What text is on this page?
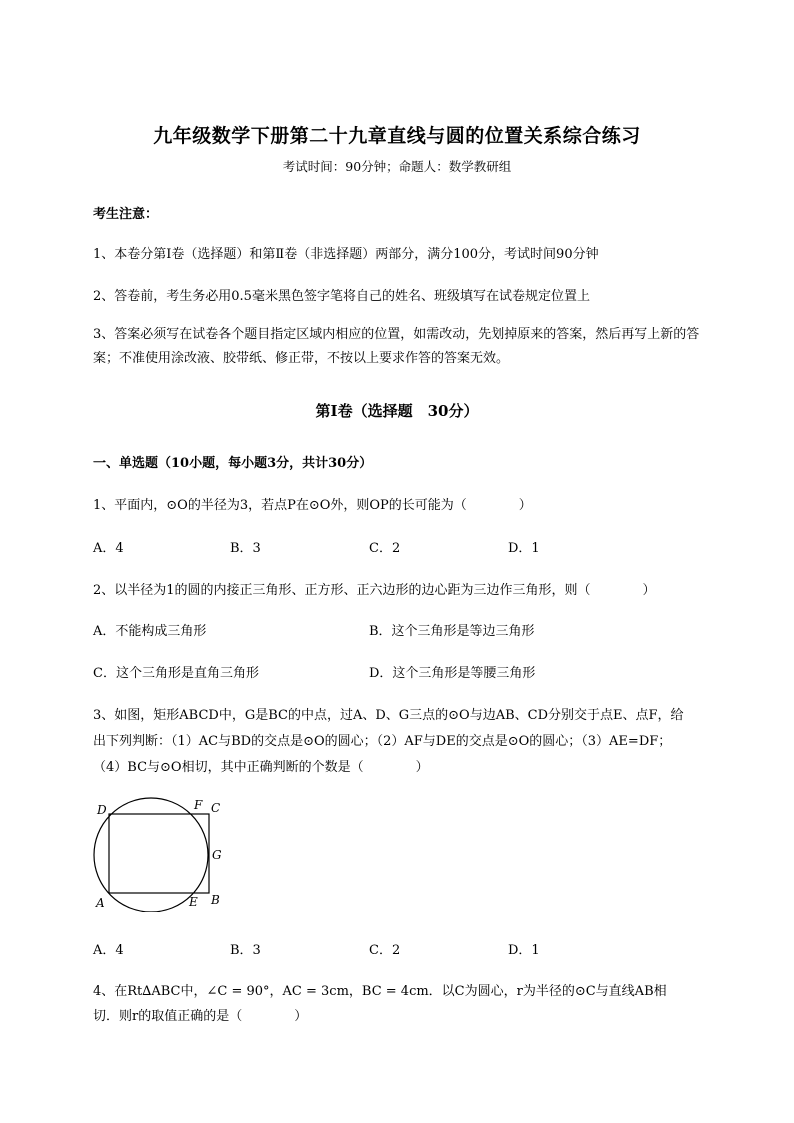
九年级数学下册第二十九章直线与圆的位置关系综合练习
考试时间：90分钟；命题人：数学教研组
考生注意：
1、本卷分第I卷（选择题）和第Ⅱ卷（非选择题）两部分，满分100分，考试时间90分钟
2、答卷前，考生务必用0.5毫米黑色签字笔将自己的姓名、班级填写在试卷规定位置上
3、答案必须写在试卷各个题目指定区域内相应的位置，如需改动，先划掉原来的答案，然后再写上新的答案；不准使用涂改液、胶带纸、修正带，不按以上要求作答的答案无效。
第I卷（选择题　30分）
一、单选题（10小题，每小题3分，共计30分）
1、平面内，⊙O的半径为3，若点P在⊙O外，则OP的长可能为（　　　　）
A．4	B．3	C．2	D．1
2、以半径为1的圆的内接正三角形、正方形、正六边形的边心距为三边作三角形，则（　　　　）
A．不能构成三角形	B．这个三角形是等边三角形
C．这个三角形是直角三角形	D．这个三角形是等腰三角形
3、如图，矩形ABCD中，G是BC的中点，过A、D、G三点的⊙O与边AB、CD分别交于点E、点F，给
出下列判断：（1）AC与BD的交点是⊙O的圆心；（2）AF与DE的交点是⊙O的圆心；（3）AE=DF；
（4）BC与⊙O相切，其中正确判断的个数是（　　　　）
D	F C
G
A	E B
A．4	B．3	C．2	D．1
4、在Rt∆ABC中，∠C = 90°，AC = 3cm，BC = 4cm．以C为圆心，r为半径的⊙C与直线AB相
切．则r的取值正确的是（　　　　）
